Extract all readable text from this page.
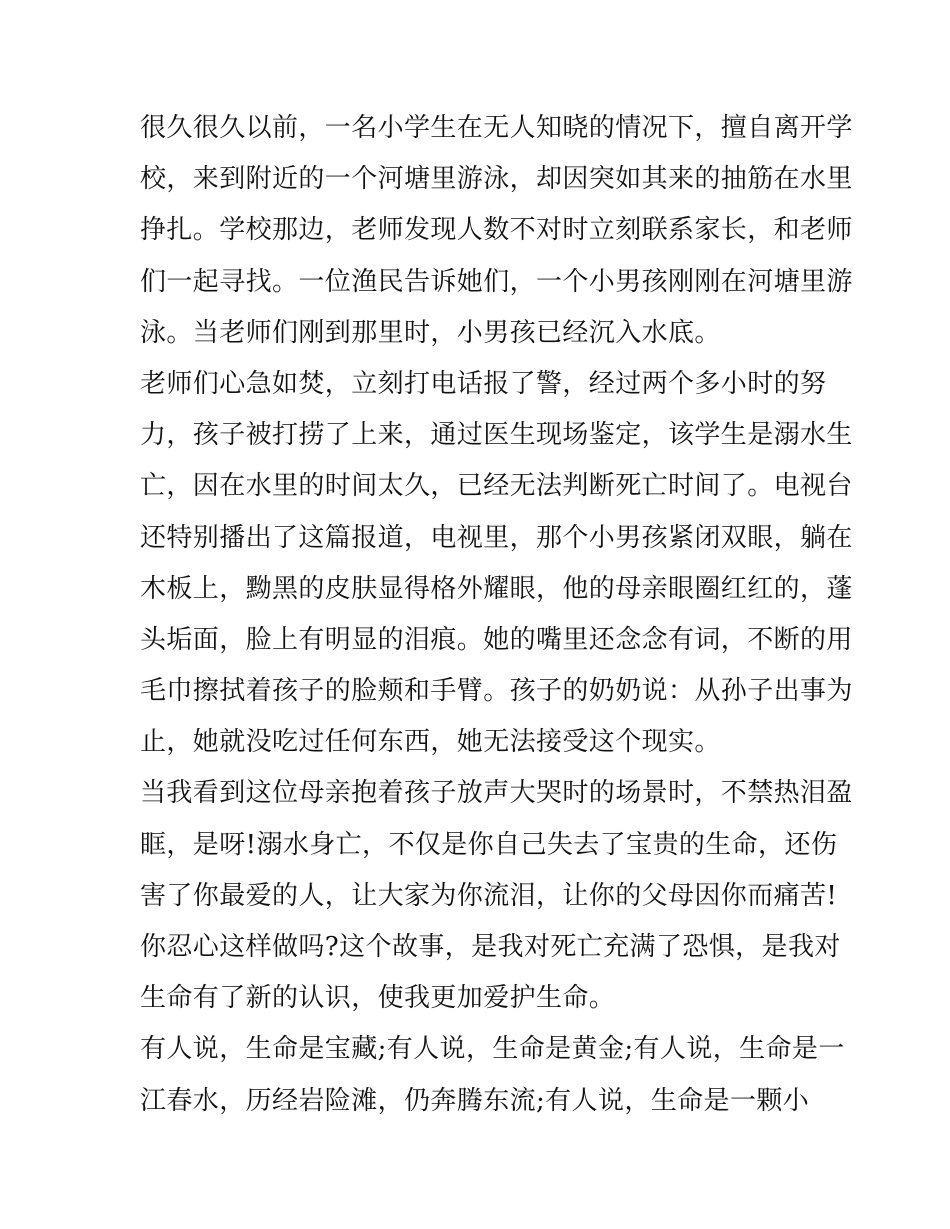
很久很久以前，一名小学生在无人知晓的情况下，擅自离开学
校，来到附近的一个河塘里游泳，却因突如其来的抽筋在水里
挣扎。学校那边，老师发现人数不对时立刻联系家长，和老师
们一起寻找。一位渔民告诉她们，一个小男孩刚刚在河塘里游
泳。当老师们刚到那里时，小男孩已经沉入水底。
老师们心急如焚，立刻打电话报了警，经过两个多小时的努
力，孩子被打捞了上来，通过医生现场鉴定，该学生是溺水生
亡，因在水里的时间太久，已经无法判断死亡时间了。电视台
还特别播出了这篇报道，电视里，那个小男孩紧闭双眼，躺在
木板上，黝黑的皮肤显得格外耀眼，他的母亲眼圈红红的，蓬
头垢面，脸上有明显的泪痕。她的嘴里还念念有词，不断的用
毛巾擦拭着孩子的脸颊和手臂。孩子的奶奶说：从孙子出事为
止，她就没吃过任何东西，她无法接受这个现实。
当我看到这位母亲抱着孩子放声大哭时的场景时，不禁热泪盈
眶，是呀!溺水身亡，不仅是你自己失去了宝贵的生命，还伤
害了你最爱的人，让大家为你流泪，让你的父母因你而痛苦!
你忍心这样做吗?这个故事，是我对死亡充满了恐惧，是我对
生命有了新的认识，使我更加爱护生命。
有人说，生命是宝藏;有人说，生命是黄金;有人说，生命是一
江春水，历经岩险滩，仍奔腾东流;有人说，生命是一颗小
